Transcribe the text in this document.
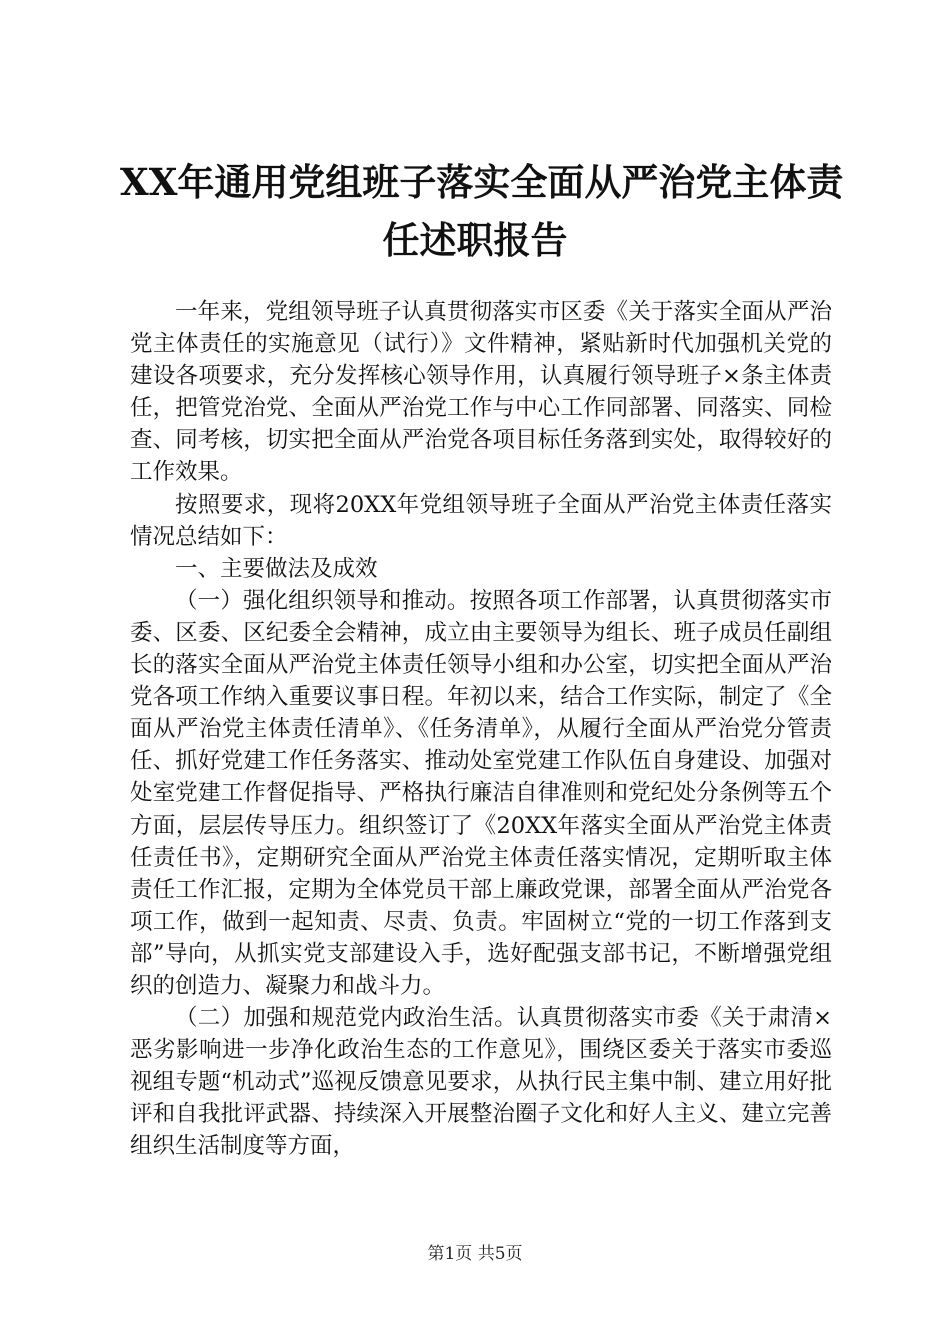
XX年通用党组班子落实全面从严治党主体责
任述职报告

一年来，党组领导班子认真贯彻落实市区委《关于落实全面从严治党主体责任的实施意见（试行）》文件精神，紧贴新时代加强机关党的建设各项要求，充分发挥核心领导作用，认真履行领导班子×条主体责任，把管党治党、全面从严治党工作与中心工作同部署、同落实、同检查、同考核，切实把全面从严治党各项目标任务落到实处，取得较好的工作效果。

按照要求，现将20XX年党组领导班子全面从严治党主体责任落实情况总结如下：

一、主要做法及成效

（一）强化组织领导和推动。按照各项工作部署，认真贯彻落实市委、区委、区纪委全会精神，成立由主要领导为组长、班子成员任副组长的落实全面从严治党主体责任领导小组和办公室，切实把全面从严治党各项工作纳入重要议事日程。年初以来，结合工作实际，制定了《全面从严治党主体责任清单》、《任务清单》，从履行全面从严治党分管责任、抓好党建工作任务落实、推动处室党建工作队伍自身建设、加强对处室党建工作督促指导、严格执行廉洁自律准则和党纪处分条例等五个方面，层层传导压力。组织签订了《20XX年落实全面从严治党主体责任责任书》，定期研究全面从严治党主体责任落实情况，定期听取主体责任工作汇报，定期为全体党员干部上廉政党课，部署全面从严治党各项工作，做到一起知责、尽责、负责。牢固树立“党的一切工作落到支部”导向，从抓实党支部建设入手，选好配强支部书记，不断增强党组织的创造力、凝聚力和战斗力。

（二）加强和规范党内政治生活。认真贯彻落实市委《关于肃清×恶劣影响进一步净化政治生态的工作意见》，围绕区委关于落实市委巡视组专题“机动式”巡视反馈意见要求，从执行民主集中制、建立用好批评和自我批评武器、持续深入开展整治圈子文化和好人主义、建立完善组织生活制度等方面，

第1页 共5页
